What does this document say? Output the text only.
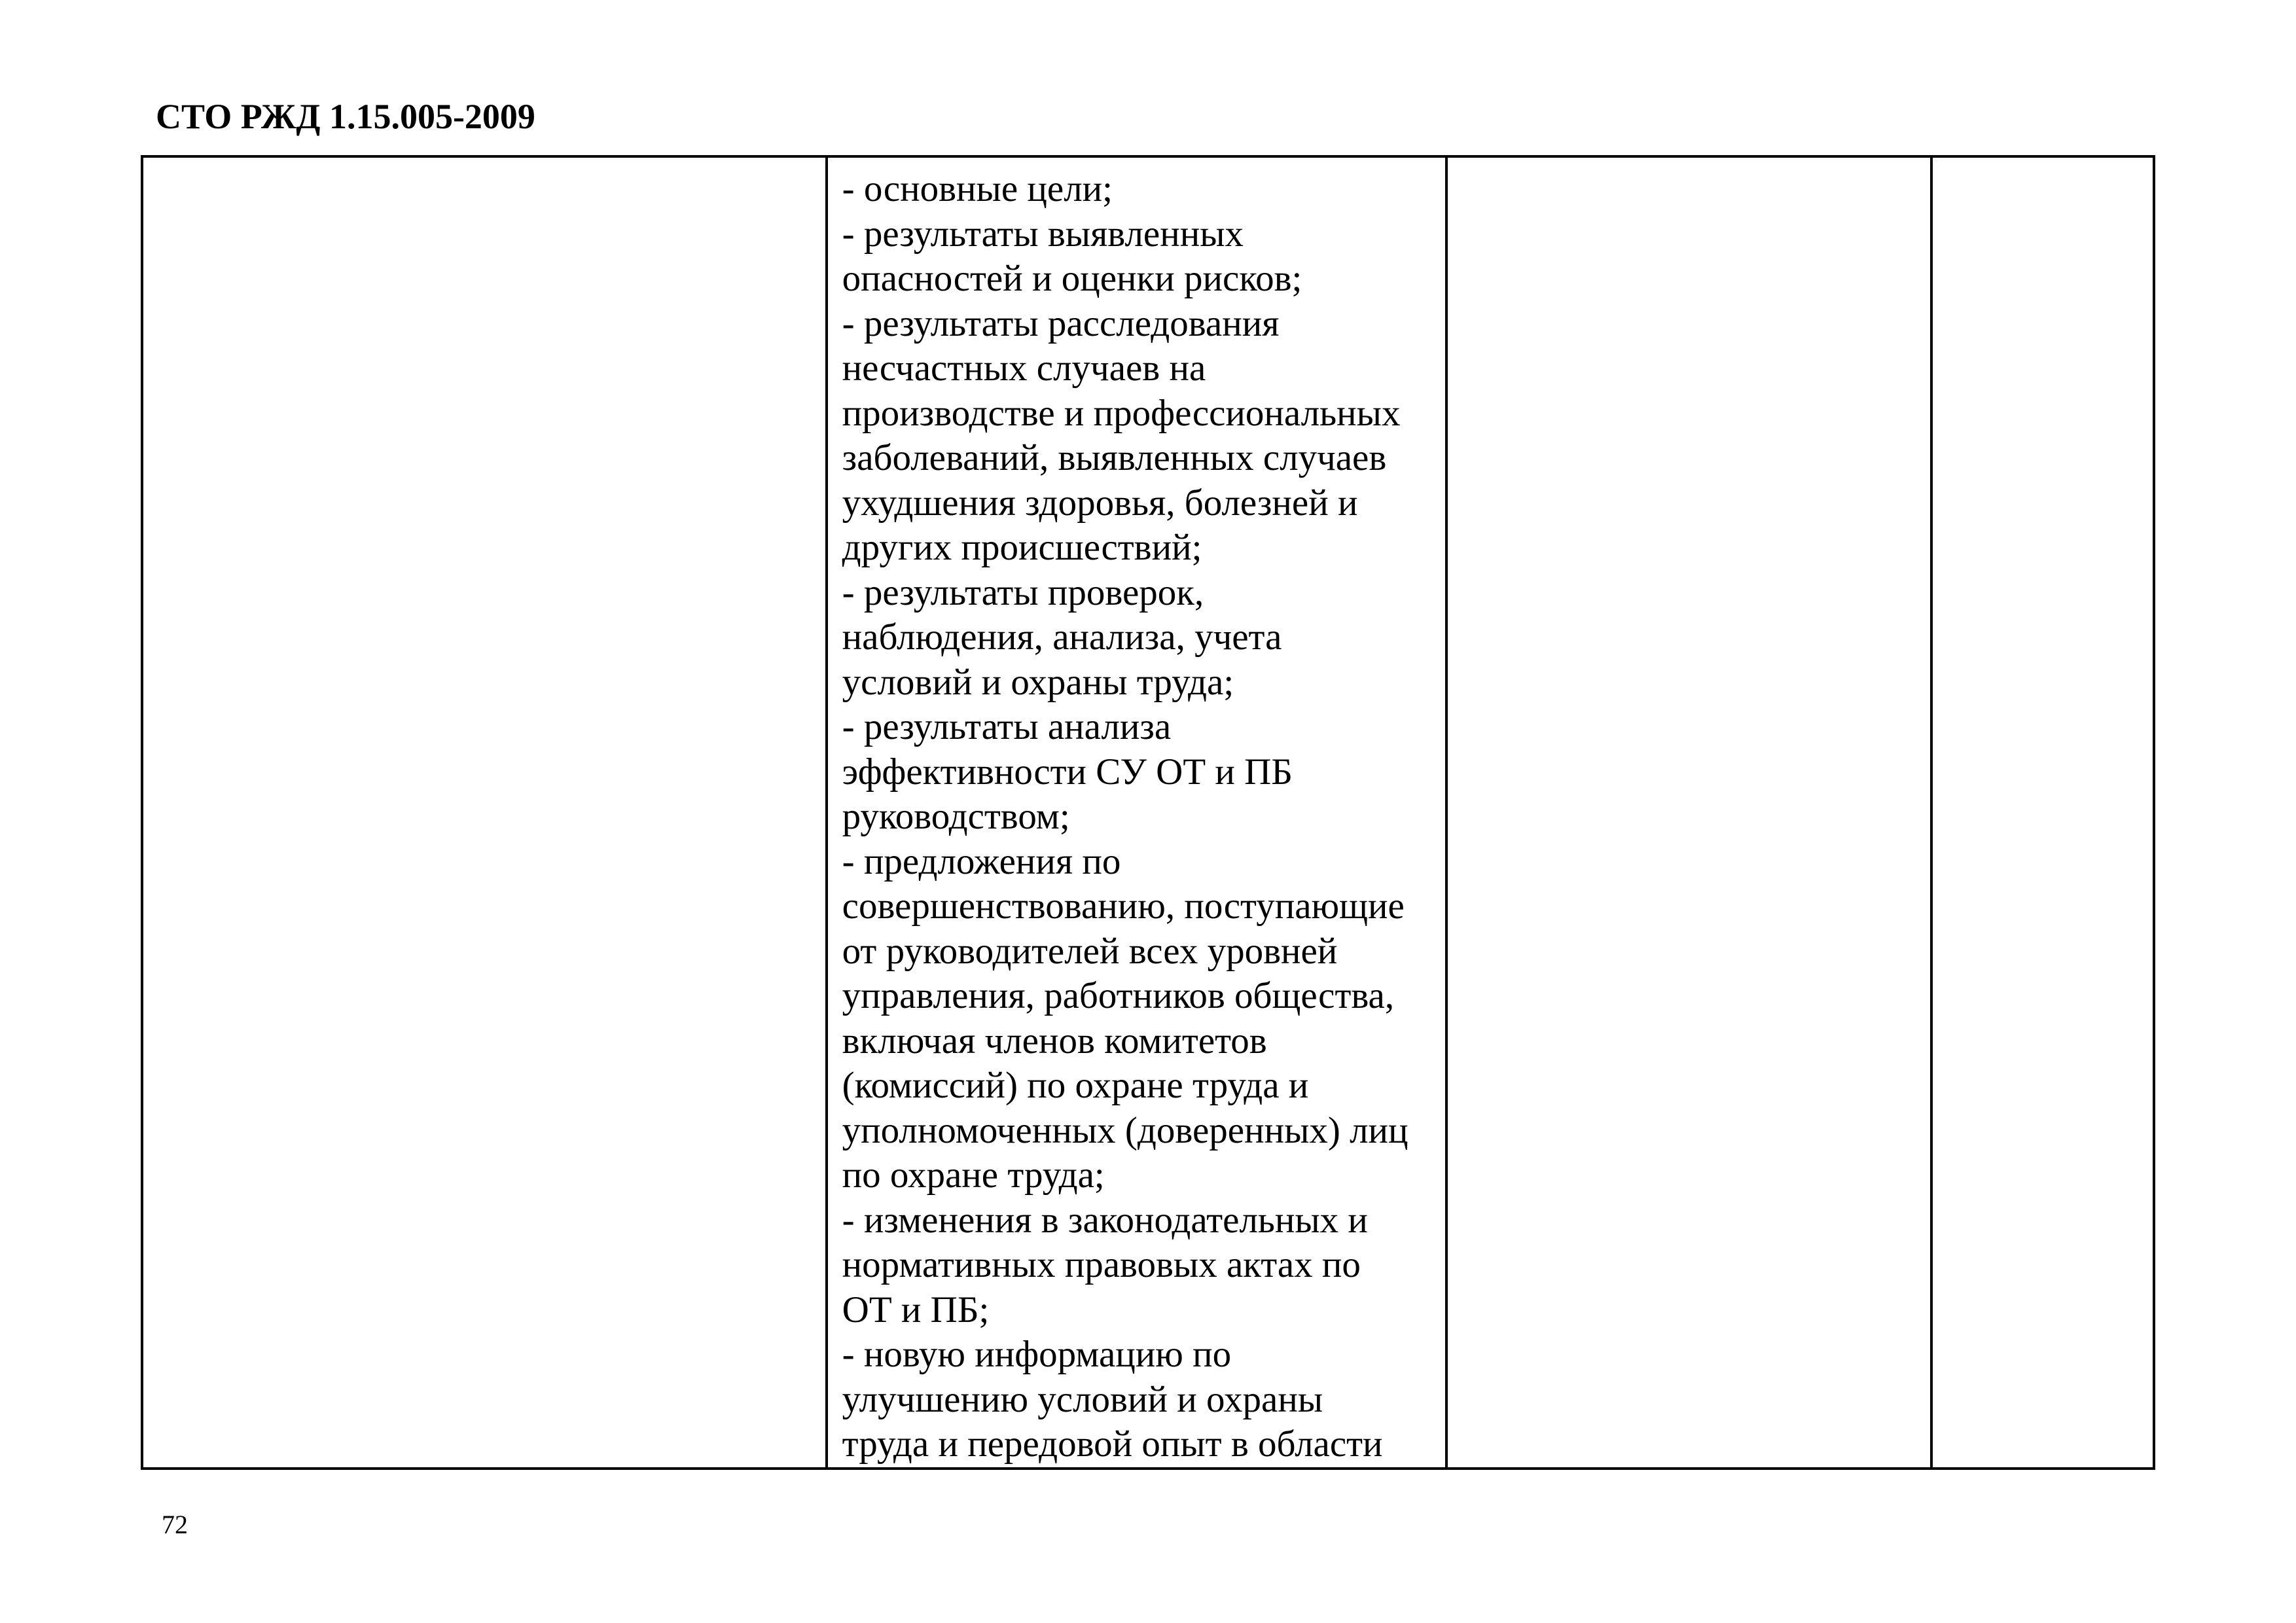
СТО РЖД 1.15.005-2009

- основные цели;
- результаты выявленных
опасностей и оценки рисков;
- результаты расследования
несчастных случаев на
производстве и профессиональных
заболеваний, выявленных случаев
ухудшения здоровья, болезней и
других происшествий;
- результаты проверок,
наблюдения, анализа, учета
условий и охраны труда;
- результаты анализа
эффективности СУ ОТ и ПБ
руководством;
- предложения по
совершенствованию, поступающие
от руководителей всех уровней
управления, работников общества,
включая членов комитетов
(комиссий) по охране труда и
уполномоченных (доверенных) лиц
по охране труда;
- изменения в законодательных и
нормативных правовых актах по
ОТ и ПБ;
- новую информацию по
улучшению условий и охраны
труда и передовой опыт в области

72
